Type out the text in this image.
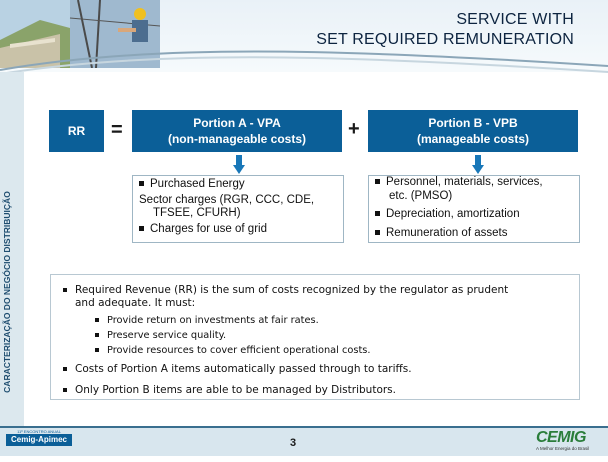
SERVICE WITH
SET REQUIRED REMUNERATION
CARACTERIZAÇÃO DO NEGÓCIO DISTRIBUIÇÃO
RR =	Portion A - VPA
(non-manageable costs) +	Portion B - VPB
(manageable costs)
Purchased Energy
Sector charges (RGR, CCC, CDE,
TFSEE, CFURH)
Charges for use of grid
Personnel, materials, services,
etc. (PMSO)
Depreciation, amortization
Remuneration of assets
Required Revenue (RR) is the sum of costs recognized by the regulator as prudent
and adequate. It must:
Provide return on investments at fair rates.
Preserve service quality.
Provide resources to cover efficient operational costs.
Costs of Portion A items automatically passed through to tariffs.
Only Portion B items are able to be managed by Distributors.
11º ENCONTRO ANUAL
Cemig-Apimec	3	CEMIG
A Melhor Energia do Brasil
